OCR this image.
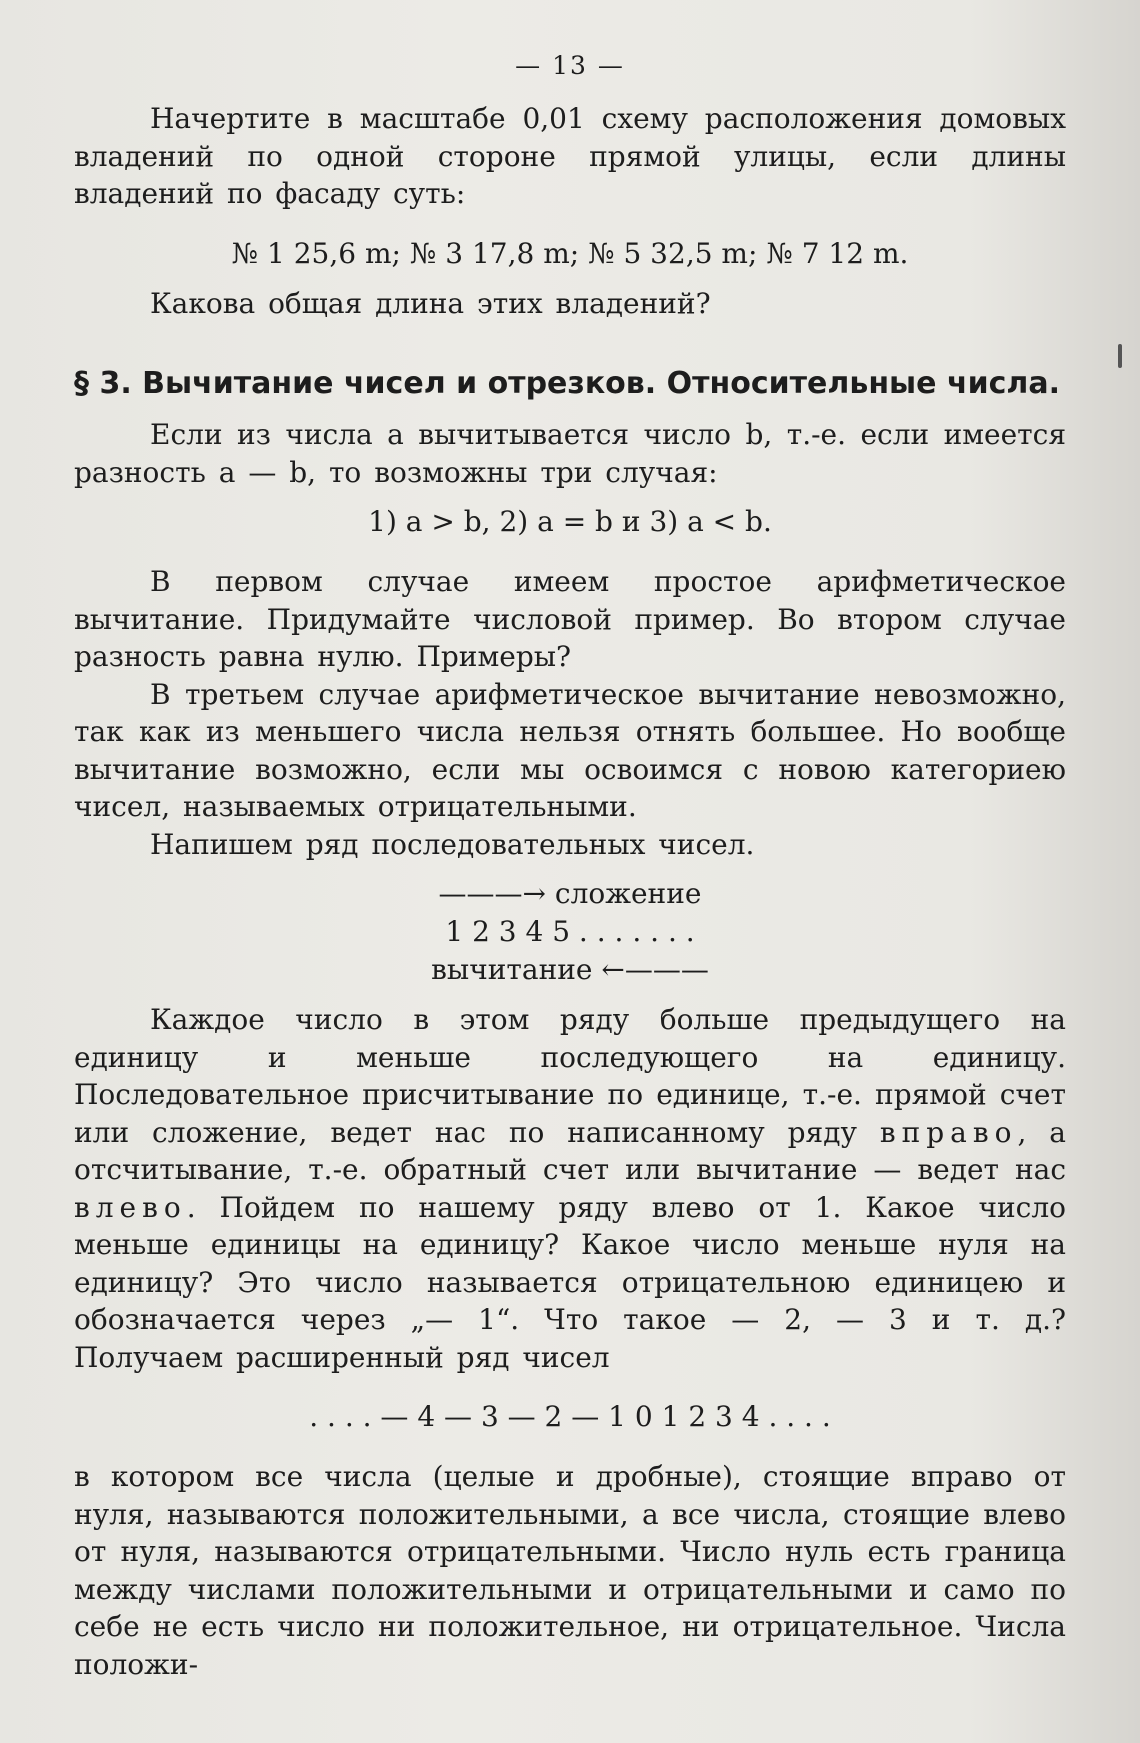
— 13 —

Начертите в масштабе 0,01 схему расположения домовых владений по одной стороне прямой улицы, если длины владений по фасаду суть:

№ 1 25,6 m; № 3 17,8 m; № 5 32,5 m; № 7 12 m.

Какова общая длина этих владений?

§ 3. Вычитание чисел и отрезков. Относительные числа.

Если из числа a вычитывается число b, т.-е. если имеется разность a — b, то возможны три случая:

1) a > b, 2) a = b и 3) a < b.

В первом случае имеем простое арифметическое вычитание. Придумайте числовой пример. Во втором случае разность равна нулю. Примеры?

В третьем случае арифметическое вычитание невозможно, так как из меньшего числа нельзя отнять большее. Но вообще вычитание возможно, если мы освоимся с новою категориею чисел, называемых отрицательными.

Напишем ряд последовательных чисел.

———→ сложение

1 2 3 4 5 . . . . . . .

вычитание ←———

Каждое число в этом ряду больше предыдущего на единицу и меньше последующего на единицу. Последовательное присчитывание по единице, т.-е. прямой счет или сложение, ведет нас по написанному ряду вправо, а отсчитывание, т.-е. обратный счет или вычитание — ведет нас влево. Пойдем по нашему ряду влево от 1. Какое число меньше единицы на единицу? Какое число меньше нуля на единицу? Это число называется отрицательною единицею и обозначается через „— 1“. Что такое — 2, — 3 и т. д.? Получаем расширенный ряд чисел

. . . . — 4 — 3 — 2 — 1 0 1 2 3 4 . . . .

в котором все числа (целые и дробные), стоящие вправо от нуля, называются положительными, а все числа, стоящие влево от нуля, называются отрицательными. Число нуль есть граница между числами положительными и отрицательными и само по себе не есть число ни положительное, ни отрицательное. Числа положи-
